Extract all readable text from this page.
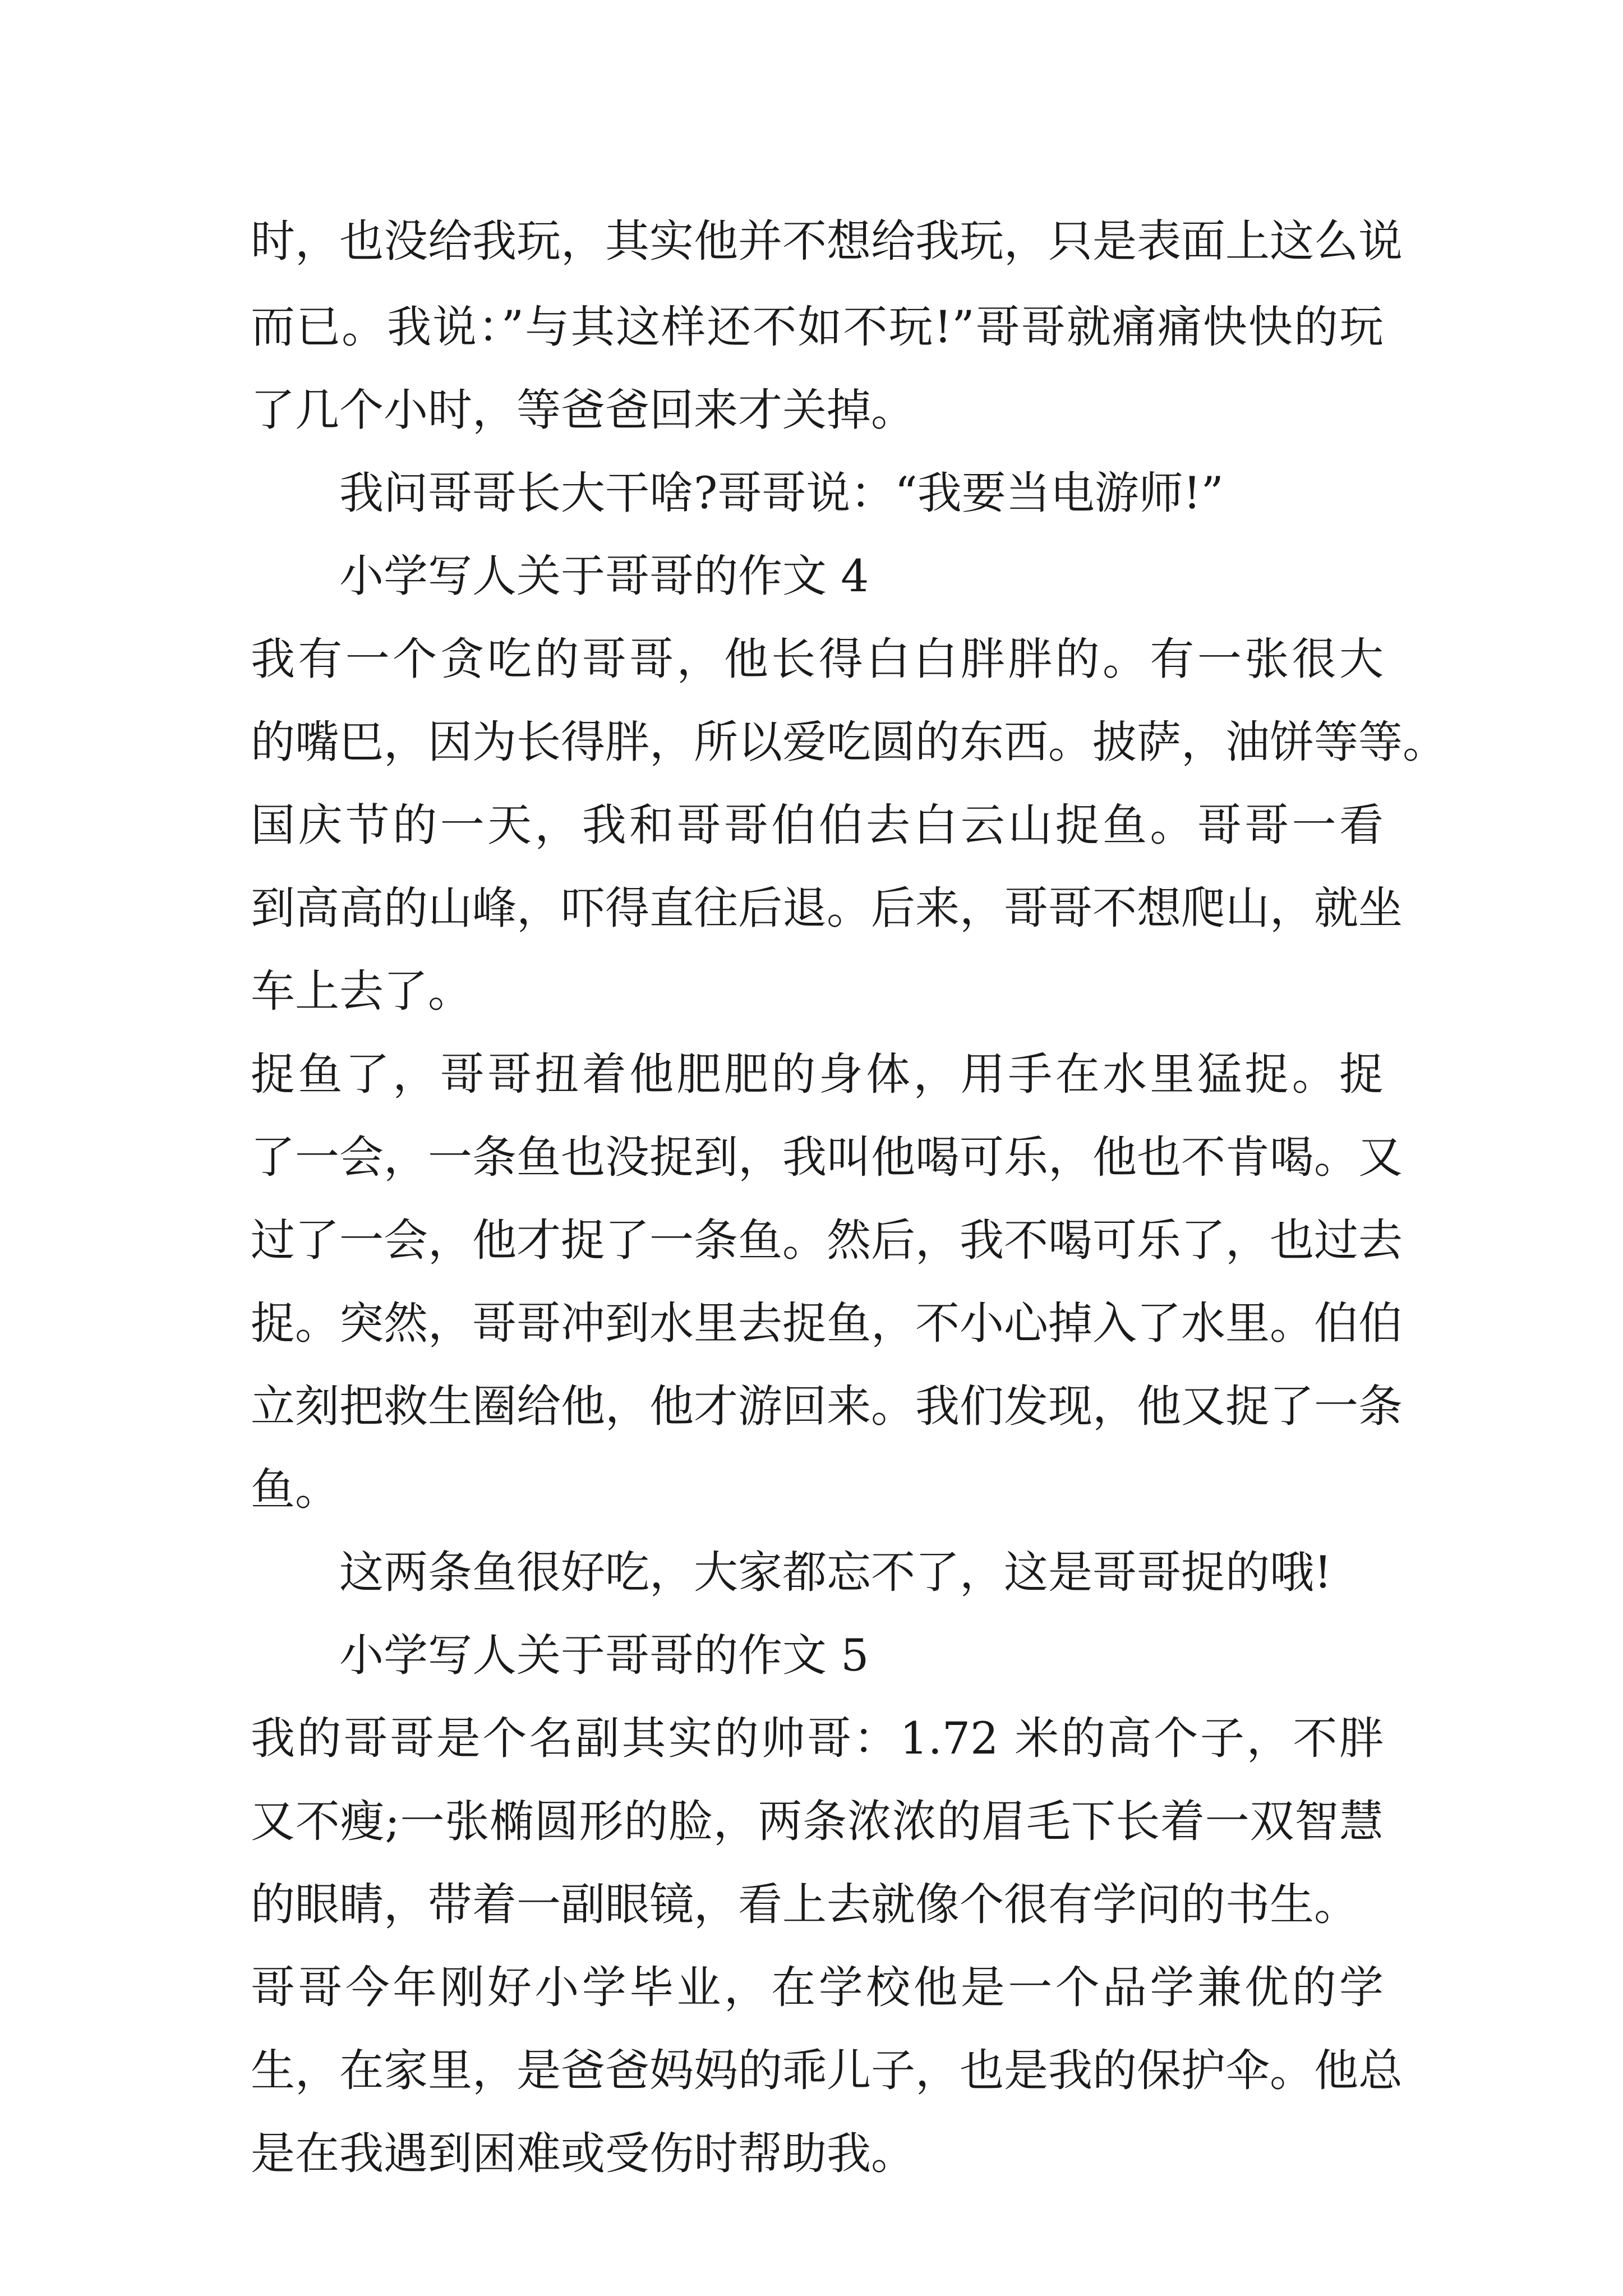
时，也没给我玩，其实他并不想给我玩，只是表面上这么说

而已。我说：”与其这样还不如不玩!”哥哥就痛痛快快的玩

了几个小时，等爸爸回来才关掉。

我问哥哥长大干啥?哥哥说：“我要当电游师!”

小学写人关于哥哥的作文 4

我有一个贪吃的哥哥，他长得白白胖胖的。有一张很大

的嘴巴，因为长得胖，所以爱吃圆的东西。披萨，油饼等等。

国庆节的一天，我和哥哥伯伯去白云山捉鱼。哥哥一看

到高高的山峰，吓得直往后退。后来，哥哥不想爬山，就坐

车上去了。

捉鱼了，哥哥扭着他肥肥的身体，用手在水里猛捉。捉

了一会，一条鱼也没捉到，我叫他喝可乐，他也不肯喝。又

过了一会，他才捉了一条鱼。然后，我不喝可乐了，也过去

捉。突然，哥哥冲到水里去捉鱼，不小心掉入了水里。伯伯

立刻把救生圈给他，他才游回来。我们发现，他又捉了一条

鱼。

这两条鱼很好吃，大家都忘不了，这是哥哥捉的哦!

小学写人关于哥哥的作文 5

我的哥哥是个名副其实的帅哥：1.72 米的高个子，不胖

又不瘦;一张椭圆形的脸，两条浓浓的眉毛下长着一双智慧

的眼睛，带着一副眼镜，看上去就像个很有学问的书生。

哥哥今年刚好小学毕业，在学校他是一个品学兼优的学

生，在家里，是爸爸妈妈的乖儿子，也是我的保护伞。他总

是在我遇到困难或受伤时帮助我。
